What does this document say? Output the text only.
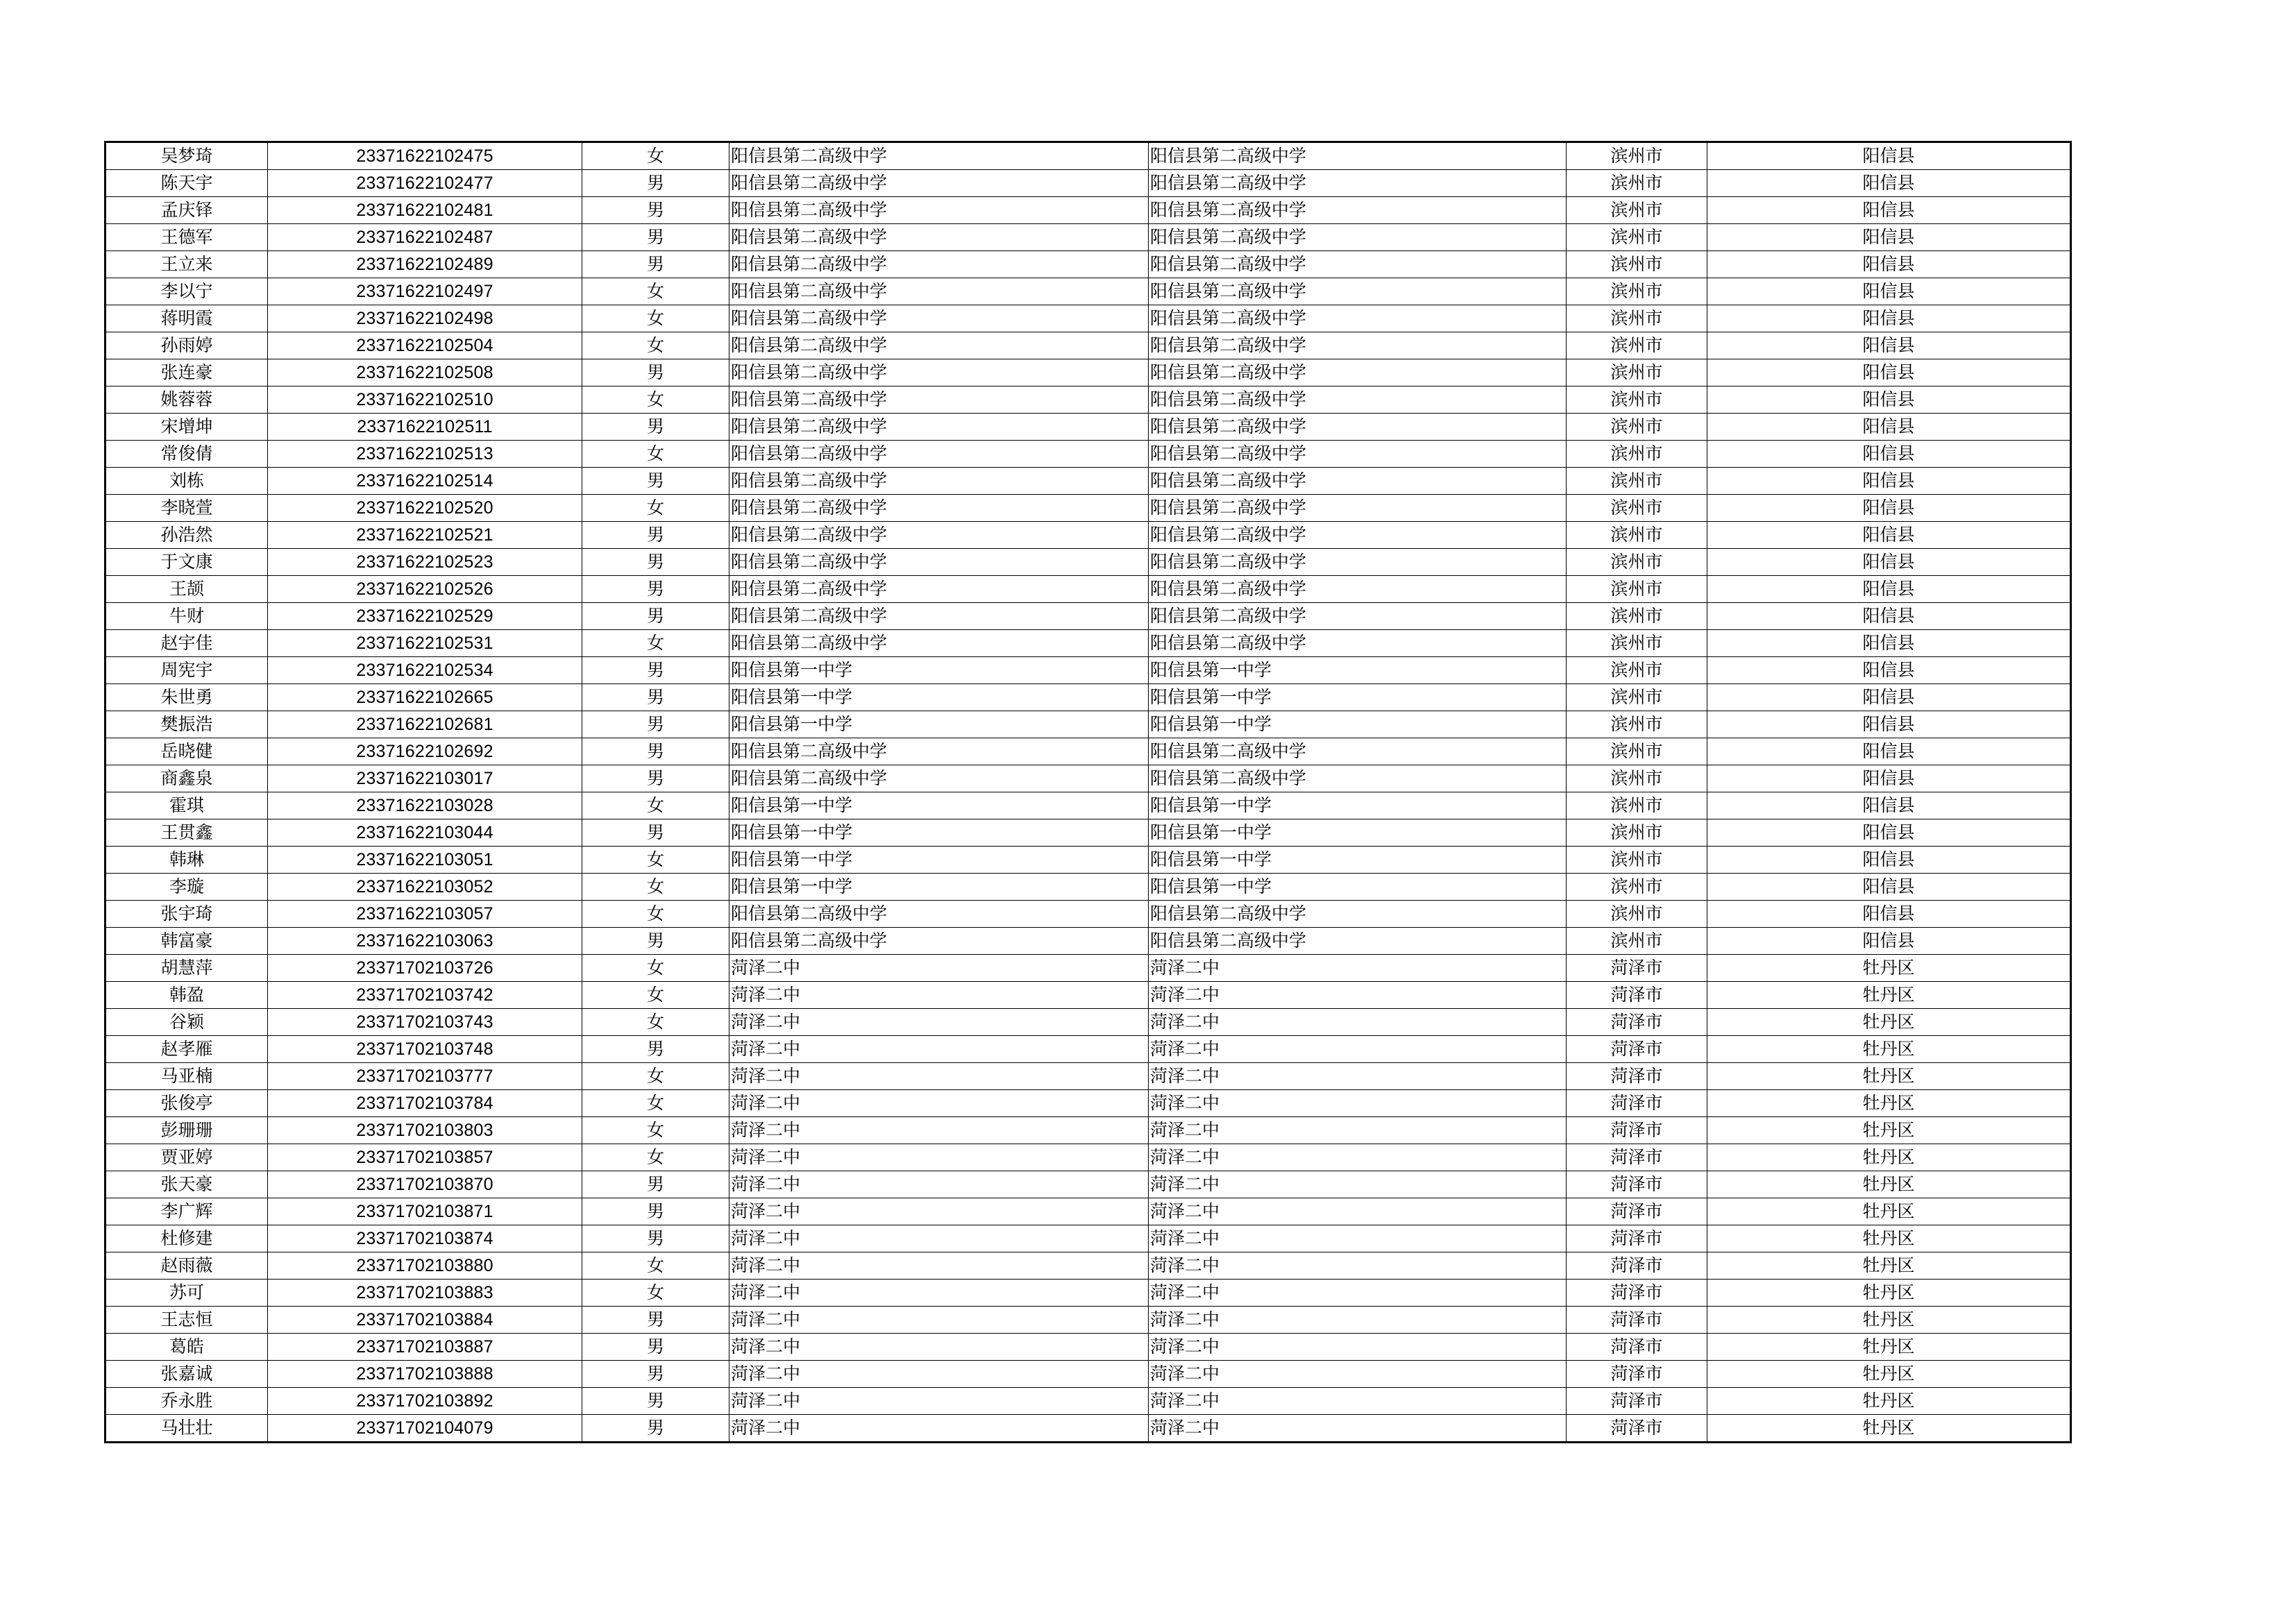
吴梦琦	23371622102475	女	阳信县第二高级中学	阳信县第二高级中学	滨州市	阳信县
陈天宇	23371622102477	男	阳信县第二高级中学	阳信县第二高级中学	滨州市	阳信县
孟庆铎	23371622102481	男	阳信县第二高级中学	阳信县第二高级中学	滨州市	阳信县
王德军	23371622102487	男	阳信县第二高级中学	阳信县第二高级中学	滨州市	阳信县
王立来	23371622102489	男	阳信县第二高级中学	阳信县第二高级中学	滨州市	阳信县
李以宁	23371622102497	女	阳信县第二高级中学	阳信县第二高级中学	滨州市	阳信县
蒋明霞	23371622102498	女	阳信县第二高级中学	阳信县第二高级中学	滨州市	阳信县
孙雨婷	23371622102504	女	阳信县第二高级中学	阳信县第二高级中学	滨州市	阳信县
张连豪	23371622102508	男	阳信县第二高级中学	阳信县第二高级中学	滨州市	阳信县
姚蓉蓉	23371622102510	女	阳信县第二高级中学	阳信县第二高级中学	滨州市	阳信县
宋增坤	23371622102511	男	阳信县第二高级中学	阳信县第二高级中学	滨州市	阳信县
常俊倩	23371622102513	女	阳信县第二高级中学	阳信县第二高级中学	滨州市	阳信县
刘栋	23371622102514	男	阳信县第二高级中学	阳信县第二高级中学	滨州市	阳信县
李晓萱	23371622102520	女	阳信县第二高级中学	阳信县第二高级中学	滨州市	阳信县
孙浩然	23371622102521	男	阳信县第二高级中学	阳信县第二高级中学	滨州市	阳信县
于文康	23371622102523	男	阳信县第二高级中学	阳信县第二高级中学	滨州市	阳信县
王颉	23371622102526	男	阳信县第二高级中学	阳信县第二高级中学	滨州市	阳信县
牛财	23371622102529	男	阳信县第二高级中学	阳信县第二高级中学	滨州市	阳信县
赵宇佳	23371622102531	女	阳信县第二高级中学	阳信县第二高级中学	滨州市	阳信县
周宪宇	23371622102534	男	阳信县第一中学	阳信县第一中学	滨州市	阳信县
朱世勇	23371622102665	男	阳信县第一中学	阳信县第一中学	滨州市	阳信县
樊振浩	23371622102681	男	阳信县第一中学	阳信县第一中学	滨州市	阳信县
岳晓健	23371622102692	男	阳信县第二高级中学	阳信县第二高级中学	滨州市	阳信县
商鑫泉	23371622103017	男	阳信县第二高级中学	阳信县第二高级中学	滨州市	阳信县
霍琪	23371622103028	女	阳信县第一中学	阳信县第一中学	滨州市	阳信县
王贯鑫	23371622103044	男	阳信县第一中学	阳信县第一中学	滨州市	阳信县
韩琳	23371622103051	女	阳信县第一中学	阳信县第一中学	滨州市	阳信县
李璇	23371622103052	女	阳信县第一中学	阳信县第一中学	滨州市	阳信县
张宇琦	23371622103057	女	阳信县第二高级中学	阳信县第二高级中学	滨州市	阳信县
韩富豪	23371622103063	男	阳信县第二高级中学	阳信县第二高级中学	滨州市	阳信县
胡慧萍	23371702103726	女	菏泽二中	菏泽二中	菏泽市	牡丹区
韩盈	23371702103742	女	菏泽二中	菏泽二中	菏泽市	牡丹区
谷颖	23371702103743	女	菏泽二中	菏泽二中	菏泽市	牡丹区
赵孝雁	23371702103748	男	菏泽二中	菏泽二中	菏泽市	牡丹区
马亚楠	23371702103777	女	菏泽二中	菏泽二中	菏泽市	牡丹区
张俊亭	23371702103784	女	菏泽二中	菏泽二中	菏泽市	牡丹区
彭珊珊	23371702103803	女	菏泽二中	菏泽二中	菏泽市	牡丹区
贾亚婷	23371702103857	女	菏泽二中	菏泽二中	菏泽市	牡丹区
张天豪	23371702103870	男	菏泽二中	菏泽二中	菏泽市	牡丹区
李广辉	23371702103871	男	菏泽二中	菏泽二中	菏泽市	牡丹区
杜修建	23371702103874	男	菏泽二中	菏泽二中	菏泽市	牡丹区
赵雨薇	23371702103880	女	菏泽二中	菏泽二中	菏泽市	牡丹区
苏可	23371702103883	女	菏泽二中	菏泽二中	菏泽市	牡丹区
王志恒	23371702103884	男	菏泽二中	菏泽二中	菏泽市	牡丹区
葛皓	23371702103887	男	菏泽二中	菏泽二中	菏泽市	牡丹区
张嘉诚	23371702103888	男	菏泽二中	菏泽二中	菏泽市	牡丹区
乔永胜	23371702103892	男	菏泽二中	菏泽二中	菏泽市	牡丹区
马壮壮	23371702104079	男	菏泽二中	菏泽二中	菏泽市	牡丹区
